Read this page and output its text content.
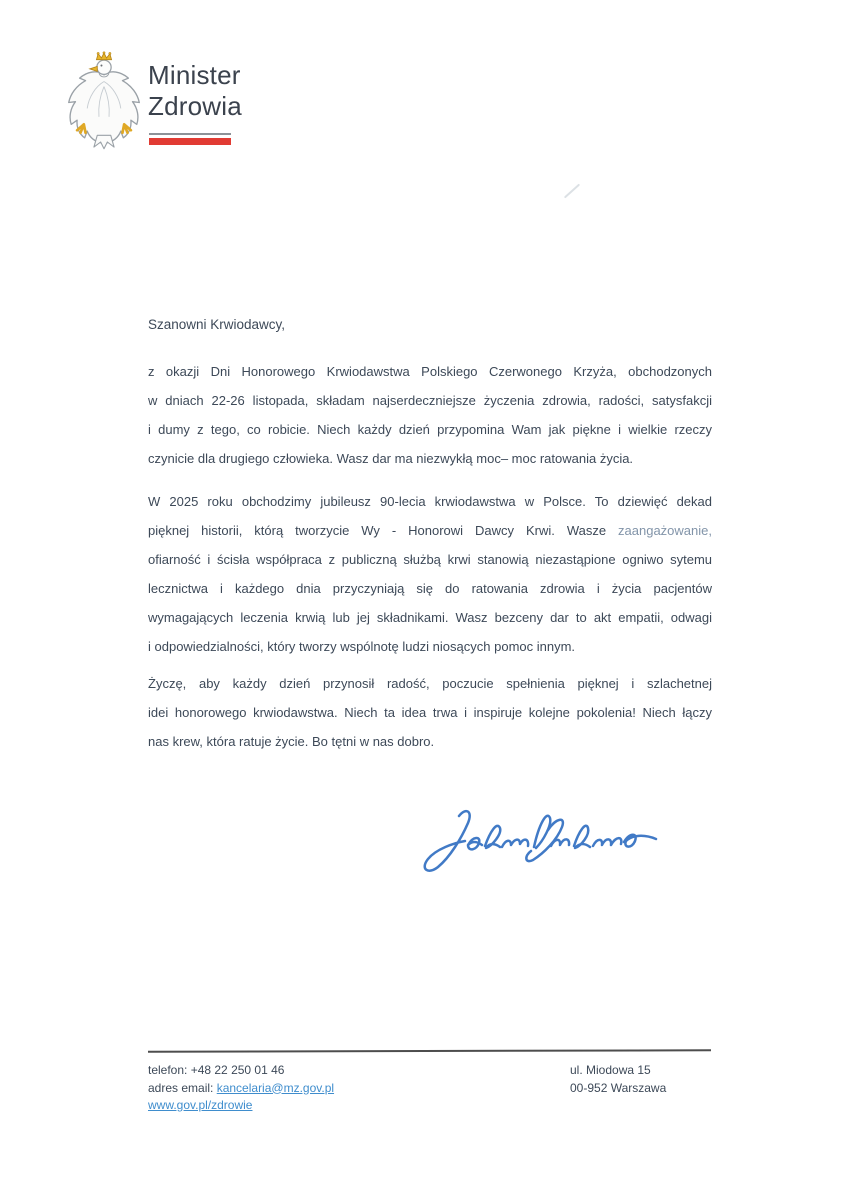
Minister
Zdrowia
Szanowni Krwiodawcy,
z okazji Dni Honorowego Krwiodawstwa Polskiego Czerwonego Krzyża, obchodzonych
w dniach 22-26 listopada, składam najserdeczniejsze życzenia zdrowia, radości, satysfakcji
i dumy z tego, co robicie. Niech każdy dzień przypomina Wam jak piękne i wielkie rzeczy
czynicie dla drugiego człowieka. Wasz dar ma niezwykłą moc– moc ratowania życia.
W 2025 roku obchodzimy jubileusz 90-lecia krwiodawstwa w Polsce. To dziewięć dekad
pięknej historii, którą tworzycie Wy - Honorowi Dawcy Krwi. Wasze zaangażowanie,
ofiarność i ścisła współpraca z publiczną służbą krwi stanowią niezastąpione ogniwo sytemu
lecznictwa i każdego dnia przyczyniają się do ratowania zdrowia i życia pacjentów
wymagających leczenia krwią lub jej składnikami. Wasz bezceny dar to akt empatii, odwagi
i odpowiedzialności, który tworzy wspólnotę ludzi niosących pomoc innym.
Życzę, aby każdy dzień przynosił radość, poczucie spełnienia pięknej i szlachetnej
idei honorowego krwiodawstwa. Niech ta idea trwa i inspiruje kolejne pokolenia! Niech łączy
nas krew, która ratuje życie. Bo tętni w nas dobro.
telefon: +48 22 250 01 46
adres email: kancelaria@mz.gov.pl
www.gov.pl/zdrowie
ul. Miodowa 15
00-952 Warszawa
